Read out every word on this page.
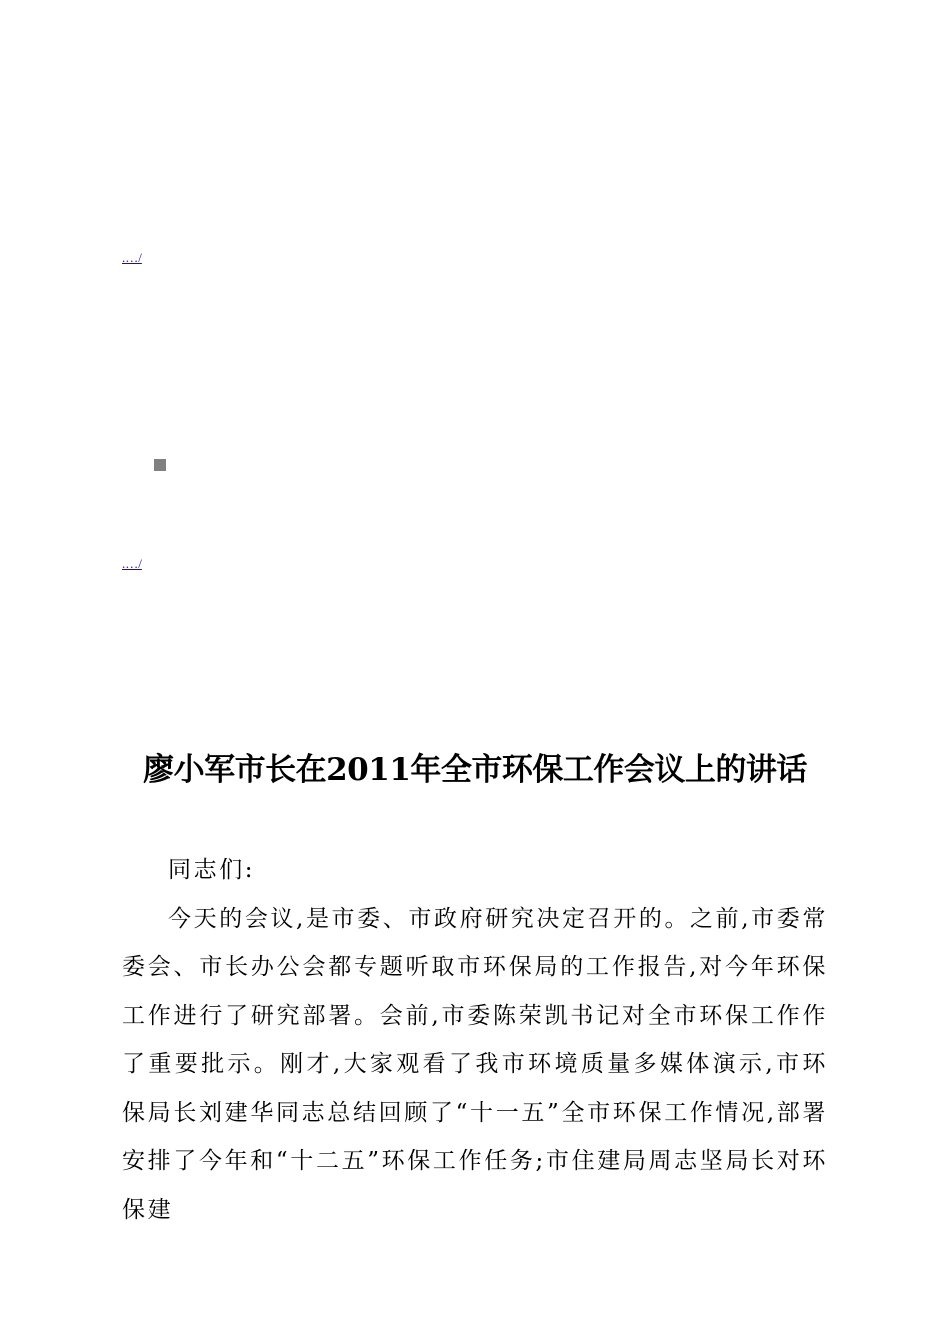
.…/
.…/
廖小军市长在2011年全市环保工作会议上的讲话

同志们:

今天的会议,是市委、市政府研究决定召开的。之前,市委常委会、市长办公会都专题听取市环保局的工作报告,对今年环保工作进行了研究部署。会前,市委陈荣凯书记对全市环保工作作了重要批示。刚才,大家观看了我市环境质量多媒体演示,市环保局长刘建华同志总结回顾了“十一五”全市环保工作情况,部署安排了今年和“十二五”环保工作任务;市住建局周志坚局长对环保建
